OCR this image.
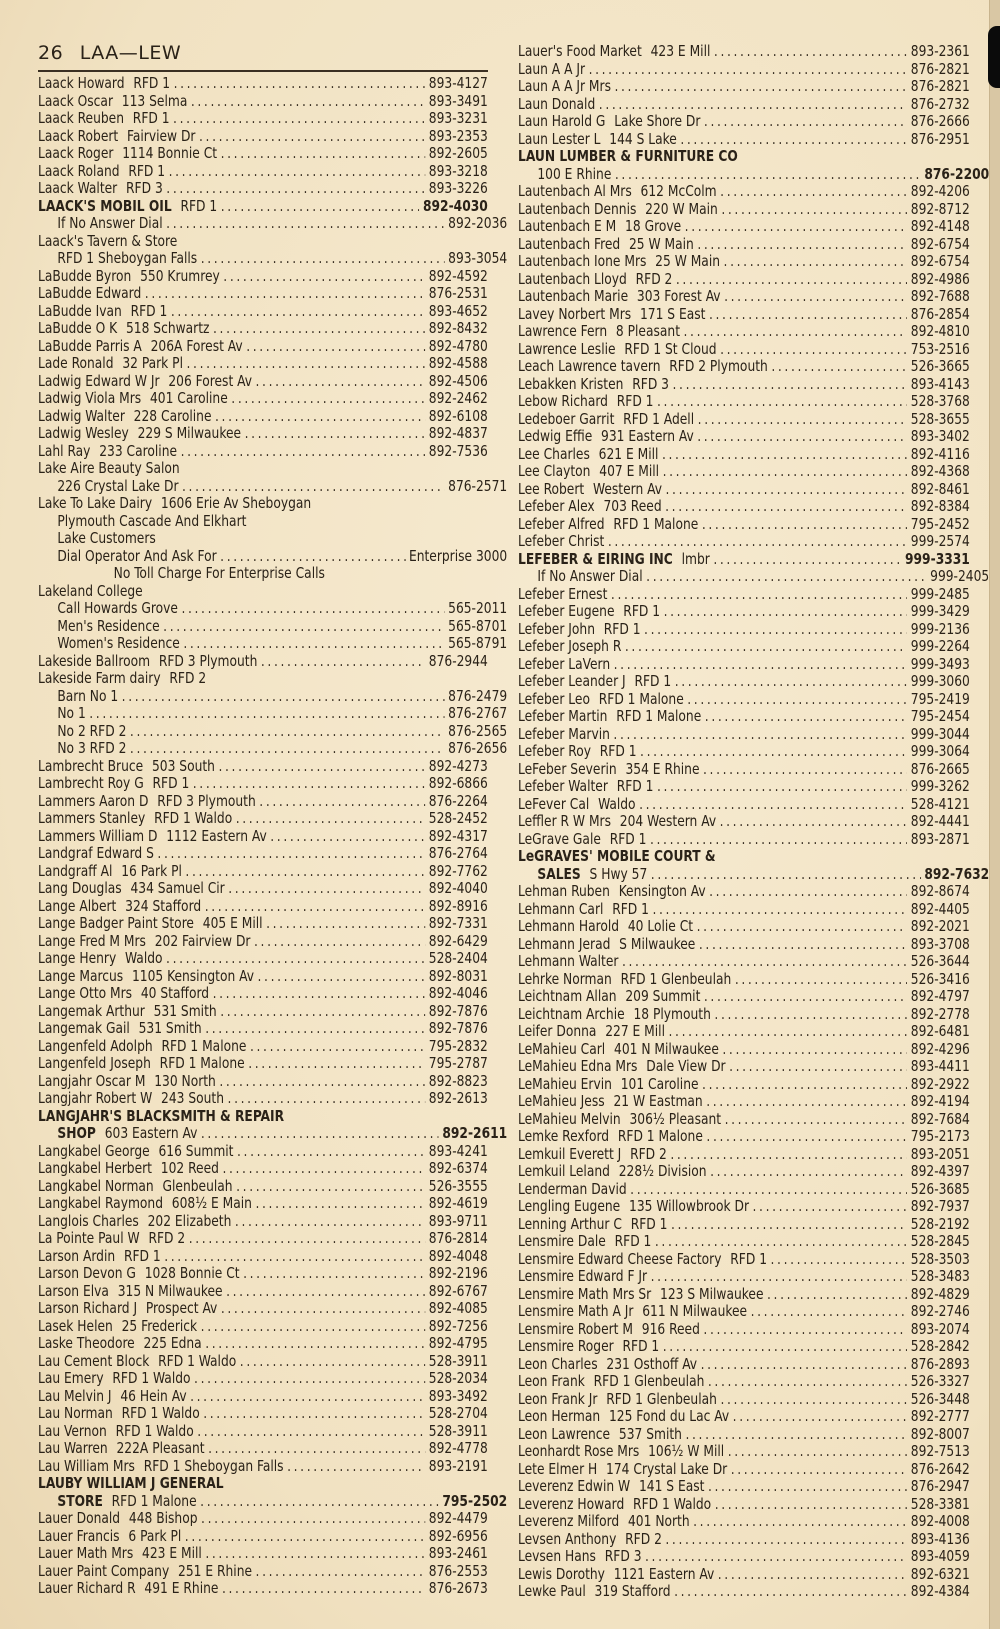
26 LAA—LEW
Laack Howard RFD 1 .....	893-4127
Laack Oscar 113 Selma .....	893-3491
Laack Reuben RFD 1 .....	893-3231
Laack Robert Fairview Dr .....	893-2353
Laack Roger 1114 Bonnie Ct .....	892-2605
Laack Roland RFD 1 .....	893-3218
Laack Walter RFD 3 .....	893-3226
LAACK'S MOBIL OIL RFD 1 .....	892-4030
If No Answer Dial .....	892-2036
Laack's Tavern & Store
RFD 1 Sheboygan Falls .....	893-3054
LaBudde Byron 550 Krumrey .....	892-4592
LaBudde Edward .....	876-2531
LaBudde Ivan RFD 1 .....	893-4652
LaBudde O K 518 Schwartz .....	892-8432
LaBudde Parris A 206A Forest Av .....	892-4780
Lade Ronald 32 Park Pl .....	892-4588
Ladwig Edward W Jr 206 Forest Av .....	892-4506
Ladwig Viola Mrs 401 Caroline .....	892-2462
Ladwig Walter 228 Caroline .....	892-6108
Ladwig Wesley 229 S Milwaukee .....	892-4837
Lahl Ray 233 Caroline .....	892-7536
Lake Aire Beauty Salon
226 Crystal Lake Dr .....	876-2571
Lake To Lake Dairy 1606 Erie Av Sheboygan
Plymouth Cascade And Elkhart
Lake Customers
Dial Operator And Ask For .....	Enterprise 3000
No Toll Charge For Enterprise Calls
Lakeland College
Call Howards Grove .....	565-2011
Men's Residence .....	565-8701
Women's Residence .....	565-8791
Lakeside Ballroom RFD 3 Plymouth .....	876-2944
Lakeside Farm dairy RFD 2
Barn No 1 .....	876-2479
No 1 .....	876-2767
No 2 RFD 2 .....	876-2565
No 3 RFD 2 .....	876-2656
Lambrecht Bruce 503 South .....	892-4273
Lambrecht Roy G RFD 1 .....	892-6866
Lammers Aaron D RFD 3 Plymouth .....	876-2264
Lammers Stanley RFD 1 Waldo .....	528-2452
Lammers William D 1112 Eastern Av .....	892-4317
Landgraf Edward S .....	876-2764
Landgraff Al 16 Park Pl .....	892-7762
Lang Douglas 434 Samuel Cir .....	892-4040
Lange Albert 324 Stafford .....	892-8916
Lange Badger Paint Store 405 E Mill .....	892-7331
Lange Fred M Mrs 202 Fairview Dr .....	892-6429
Lange Henry Waldo .....	528-2404
Lange Marcus 1105 Kensington Av .....	892-8031
Lange Otto Mrs 40 Stafford .....	892-4046
Langemak Arthur 531 Smith .....	892-7876
Langemak Gail 531 Smith .....	892-7876
Langenfeld Adolph RFD 1 Malone .....	795-2832
Langenfeld Joseph RFD 1 Malone .....	795-2787
Langjahr Oscar M 130 North .....	892-8823
Langjahr Robert W 243 South .....	892-2613
LANGJAHR'S BLACKSMITH & REPAIR
SHOP 603 Eastern Av .....	892-2611
Langkabel George 616 Summit .....	893-4241
Langkabel Herbert 102 Reed .....	892-6374
Langkabel Norman Glenbeulah .....	526-3555
Langkabel Raymond 608½ E Main .....	892-4619
Langlois Charles 202 Elizabeth .....	893-9711
La Pointe Paul W RFD 2 .....	876-2814
Larson Ardin RFD 1 .....	892-4048
Larson Devon G 1028 Bonnie Ct .....	892-2196
Larson Elva 315 N Milwaukee .....	892-6767
Larson Richard J Prospect Av .....	892-4085
Lasek Helen 25 Frederick .....	892-7256
Laske Theodore 225 Edna .....	892-4795
Lau Cement Block RFD 1 Waldo .....	528-3911
Lau Emery RFD 1 Waldo .....	528-2034
Lau Melvin J 46 Hein Av .....	893-3492
Lau Norman RFD 1 Waldo .....	528-2704
Lau Vernon RFD 1 Waldo .....	528-3911
Lau Warren 222A Pleasant .....	892-4778
Lau William Mrs RFD 1 Sheboygan Falls .....	893-2191
LAUBY WILLIAM J GENERAL
STORE RFD 1 Malone .....	795-2502
Lauer Donald 448 Bishop .....	892-4479
Lauer Francis 6 Park Pl .....	892-6956
Lauer Math Mrs 423 E Mill .....	893-2461
Lauer Paint Company 251 E Rhine .....	876-2553
Lauer Richard R 491 E Rhine .....	876-2673
Lauer's Food Market 423 E Mill .....	893-2361
Laun A A Jr .....	876-2821
Laun A A Jr Mrs .....	876-2821
Laun Donald .....	876-2732
Laun Harold G Lake Shore Dr .....	876-2666
Laun Lester L 144 S Lake .....	876-2951
LAUN LUMBER & FURNITURE CO
100 E Rhine .....	876-2200
Lautenbach Al Mrs 612 McColm .....	892-4206
Lautenbach Dennis 220 W Main .....	892-8712
Lautenbach E M 18 Grove .....	892-4148
Lautenbach Fred 25 W Main .....	892-6754
Lautenbach Ione Mrs 25 W Main .....	892-6754
Lautenbach Lloyd RFD 2 .....	892-4986
Lautenbach Marie 303 Forest Av .....	892-7688
Lavey Norbert Mrs 171 S East .....	876-2854
Lawrence Fern 8 Pleasant .....	892-4810
Lawrence Leslie RFD 1 St Cloud .....	753-2516
Leach Lawrence tavern RFD 2 Plymouth .....	526-3665
Lebakken Kristen RFD 3 .....	893-4143
Lebow Richard RFD 1 .....	528-3768
Ledeboer Garrit RFD 1 Adell .....	528-3655
Ledwig Effie 931 Eastern Av .....	893-3402
Lee Charles 621 E Mill .....	892-4116
Lee Clayton 407 E Mill .....	892-4368
Lee Robert Western Av .....	892-8461
Lefeber Alex 703 Reed .....	892-8384
Lefeber Alfred RFD 1 Malone .....	795-2452
Lefeber Christ .....	999-2574
LEFEBER & EIRING INC lmbr .....	999-3331
If No Answer Dial .....	999-2405
Lefeber Ernest .....	999-2485
Lefeber Eugene RFD 1 .....	999-3429
Lefeber John RFD 1 .....	999-2136
Lefeber Joseph R .....	999-2264
Lefeber LaVern .....	999-3493
Lefeber Leander J RFD 1 .....	999-3060
Lefeber Leo RFD 1 Malone .....	795-2419
Lefeber Martin RFD 1 Malone .....	795-2454
Lefeber Marvin .....	999-3044
Lefeber Roy RFD 1 .....	999-3064
LeFeber Severin 354 E Rhine .....	876-2665
Lefeber Walter RFD 1 .....	999-3262
LeFever Cal Waldo .....	528-4121
Leffler R W Mrs 204 Western Av .....	892-4441
LeGrave Gale RFD 1 .....	893-2871
LeGRAVES' MOBILE COURT &
SALES S Hwy 57 .....	892-7632
Lehman Ruben Kensington Av .....	892-8674
Lehmann Carl RFD 1 .....	892-4405
Lehmann Harold 40 Lolie Ct .....	892-2021
Lehmann Jerad S Milwaukee .....	893-3708
Lehmann Walter .....	526-3644
Lehrke Norman RFD 1 Glenbeulah .....	526-3416
Leichtnam Allan 209 Summit .....	892-4797
Leichtnam Archie 18 Plymouth .....	892-2778
Leifer Donna 227 E Mill .....	892-6481
LeMahieu Carl 401 N Milwaukee .....	892-4296
LeMahieu Edna Mrs Dale View Dr .....	893-4411
LeMahieu Ervin 101 Caroline .....	892-2922
LeMahieu Jess 21 W Eastman .....	892-4194
LeMahieu Melvin 306½ Pleasant .....	892-7684
Lemke Rexford RFD 1 Malone .....	795-2173
Lemkuil Everett J RFD 2 .....	893-2051
Lemkuil Leland 228½ Division .....	892-4397
Lenderman David .....	526-3685
Lengling Eugene 135 Willowbrook Dr .....	892-7937
Lenning Arthur C RFD 1 .....	528-2192
Lensmire Dale RFD 1 .....	528-2845
Lensmire Edward Cheese Factory RFD 1 .....	528-3503
Lensmire Edward F Jr .....	528-3483
Lensmire Math Mrs Sr 123 S Milwaukee .....	892-4829
Lensmire Math A Jr 611 N Milwaukee .....	892-2746
Lensmire Robert M 916 Reed .....	893-2074
Lensmire Roger RFD 1 .....	528-2842
Leon Charles 231 Osthoff Av .....	876-2893
Leon Frank RFD 1 Glenbeulah .....	526-3327
Leon Frank Jr RFD 1 Glenbeulah .....	526-3448
Leon Herman 125 Fond du Lac Av .....	892-2777
Leon Lawrence 537 Smith .....	892-8007
Leonhardt Rose Mrs 106½ W Mill .....	892-7513
Lete Elmer H 174 Crystal Lake Dr .....	876-2642
Leverenz Edwin W 141 S East .....	876-2947
Leverenz Howard RFD 1 Waldo .....	528-3381
Leverenz Milford 401 North .....	892-4008
Levsen Anthony RFD 2 .....	893-4136
Levsen Hans RFD 3 .....	893-4059
Lewis Dorothy 1121 Eastern Av .....	892-6321
Lewke Paul 319 Stafford .....	892-4384
